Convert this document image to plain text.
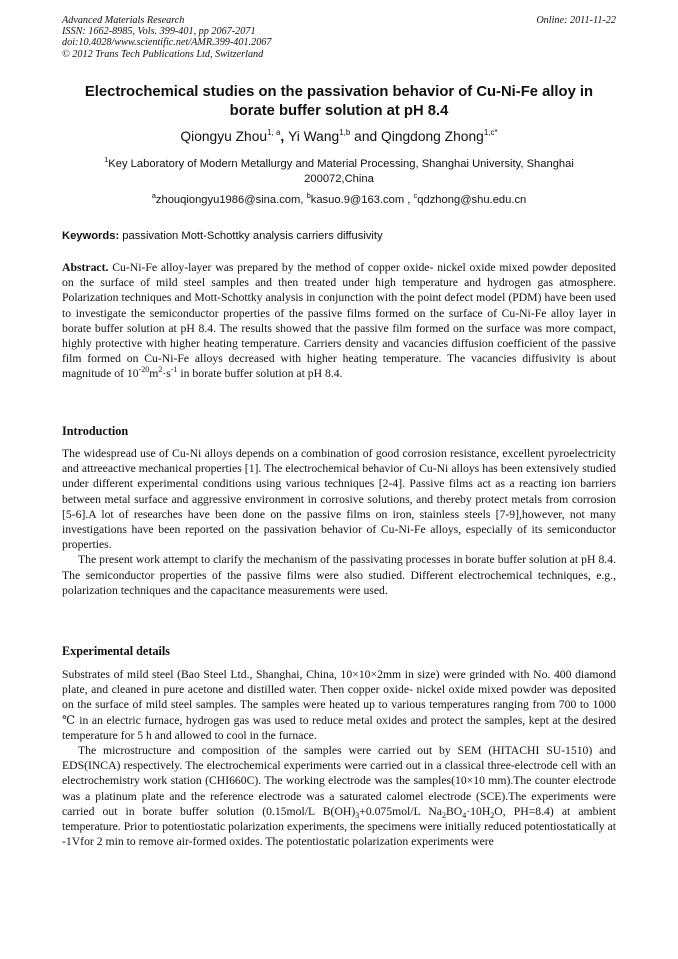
Advanced Materials Research
ISSN: 1662-8985, Vols. 399-401, pp 2067-2071
doi:10.4028/www.scientific.net/AMR.399-401.2067
© 2012 Trans Tech Publications Ltd, Switzerland
Online: 2011-11-22
Electrochemical studies on the passivation behavior of Cu-Ni-Fe alloy in
borate buffer solution at pH 8.4
Qiongyu Zhou$^{1, a}$, Yi Wang$^{1,b}$ and Qingdong Zhong$^{1,c*}$
$^1$Key Laboratory of Modern Metallurgy and Material Processing, Shanghai University, Shanghai
200072,China
$^a$zhouqiongyu1986@sina.com, $^b$kasuo.9@163.com , $^c$qdzhong@shu.edu.cn
Keywords: passivation Mott-Schottky analysis carriers diffusivity

Abstract. Cu-Ni-Fe alloy-layer was prepared by the method of copper oxide- nickel oxide mixed powder deposited on the surface of mild steel samples and then treated under high temperature and hydrogen gas atmosphere. Polarization techniques and Mott-Schottky analysis in conjunction with the point defect model (PDM) have been used to investigate the semiconductor properties of the passive films formed on the surface of Cu-Ni-Fe alloy layer in borate buffer solution at pH 8.4. The results showed that the passive film formed on the surface was more compact, highly protective with higher heating temperature. Carriers density and vacancies diffusion coefficient of the passive film formed on Cu-Ni-Fe alloys decreased with higher heating temperature. The vacancies diffusivity is about magnitude of $10^{-20}m^2\cdot s^{-1}$ in borate buffer solution at pH 8.4.

Introduction

The widespread use of Cu-Ni alloys depends on a combination of good corrosion resistance, excellent pyroelectricity and attreeactive mechanical properties [1]. The electrochemical behavior of Cu-Ni alloys has been extensively studied under different experimental conditions using various techniques [2-4]. Passive films act as a reacting ion barriers between metal surface and aggressive environment in corrosive solutions, and thereby protect metals from corrosion [5-6].A lot of researches have been done on the passive films on iron, stainless steels [7-9],however, not many investigations have been reported on the passivation behavior of Cu-Ni-Fe alloys, especially of its semiconductor properties.

The present work attempt to clarify the mechanism of the passivating processes in borate buffer solution at pH 8.4. The semiconductor properties of the passive films were also studied. Different electrochemical techniques, e.g., polarization techniques and the capacitance measurements were used.

Experimental details

Substrates of mild steel (Bao Steel Ltd., Shanghai, China, 10×10×2mm in size) were grinded with No. 400 diamond plate, and cleaned in pure acetone and distilled water. Then copper oxide- nickel oxide mixed powder was deposited on the surface of mild steel samples. The samples were heated up to various temperatures ranging from 700 to 1000 ℃ in an electric furnace, hydrogen gas was used to reduce metal oxides and protect the samples, kept at the desired temperature for 5 h and allowed to cool in the furnace.

The microstructure and composition of the samples were carried out by SEM (HITACHI SU-1510) and EDS(INCA) respectively. The electrochemical experiments were carried out in a classical three-electrode cell with an electrochemistry work station (CHI660C). The working electrode was the samples(10×10 mm).The counter electrode was a platinum plate and the reference electrode was a saturated calomel electrode (SCE).The experiments were carried out in borate buffer solution (0.15mol/L $B(OH)_3+0.075mol/L$ $Na_2BO_4\cdot 10H_2O$, PH=8.4) at ambient temperature. Prior to potentiostatic polarization experiments, the specimens were initially reduced potentiostatically at -1Vfor 2 min to remove air-formed oxides. The potentiostatic polarization experiments were
